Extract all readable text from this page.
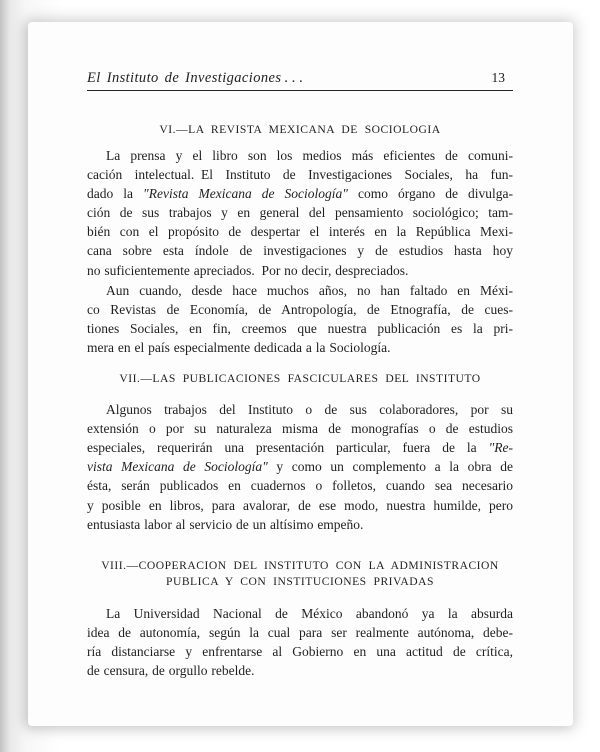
El Instituto de Investigaciones . . .	13
VI.—LA REVISTA MEXICANA DE SOCIOLOGIA
La prensa y el libro son los medios más eficientes de comuni-
cación intelectual. El Instituto de Investigaciones Sociales, ha fun-
dado la "Revista Mexicana de Sociología" como órgano de divulga-
ción de sus trabajos y en general del pensamiento sociológico; tam-
bién con el propósito de despertar el interés en la República Mexi-
cana sobre esta índole de investigaciones y de estudios hasta hoy
no suficientemente apreciados. Por no decir, despreciados.
Aun cuando, desde hace muchos años, no han faltado en Méxi-
co Revistas de Economía, de Antropología, de Etnografía, de cues-
tiones Sociales, en fin, creemos que nuestra publicación es la pri-
mera en el país especialmente dedicada a la Sociología.
VII.—LAS PUBLICACIONES FASCICULARES DEL INSTITUTO
Algunos trabajos del Instituto o de sus colaboradores, por su
extensión o por su naturaleza misma de monografías o de estudios
especiales, requerirán una presentación particular, fuera de la "Re-
vista Mexicana de Sociología" y como un complemento a la obra de
ésta, serán publicados en cuadernos o folletos, cuando sea necesario
y posible en libros, para avalorar, de ese modo, nuestra humilde, pero
entusiasta labor al servicio de un altísimo empeño.
VIII.—COOPERACION DEL INSTITUTO CON LA ADMINISTRACION
PUBLICA Y CON INSTITUCIONES PRIVADAS
La Universidad Nacional de México abandonó ya la absurda
idea de autonomía, según la cual para ser realmente autónoma, debe-
ría distanciarse y enfrentarse al Gobierno en una actitud de crítica,
de censura, de orgullo rebelde.
